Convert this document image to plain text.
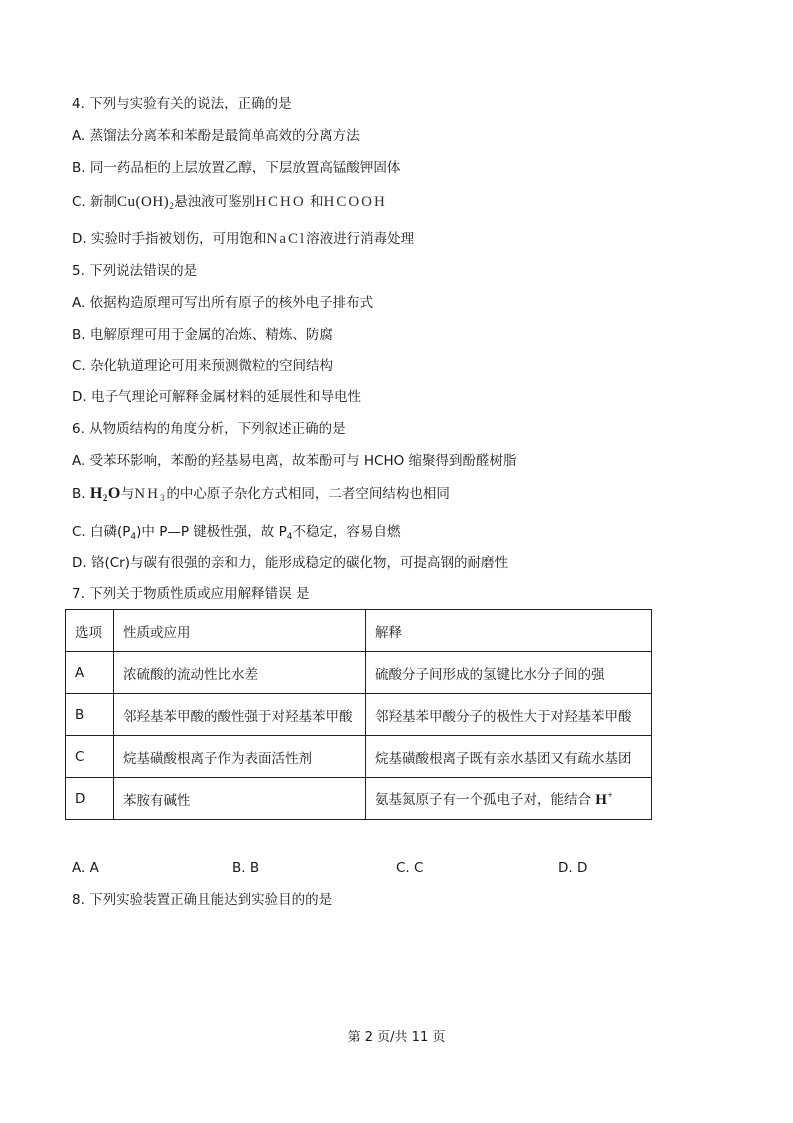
4. 下列与实验有关的说法，正确的是
A. 蒸馏法分离苯和苯酚是最简单高效的分离方法
B. 同一药品柜的上层放置乙醇，下层放置高锰酸钾固体
C. 新制$Cu(OH)_2$悬浊液可鉴别HCHO 和HCOOH
D. 实验时手指被划伤，可用饱和NaCl溶液进行消毒处理
5. 下列说法错误的是
A. 依据构造原理可写出所有原子的核外电子排布式
B. 电解原理可用于金属的冶炼、精炼、防腐
C. 杂化轨道理论可用来预测微粒的空间结构
D. 电子气理论可解释金属材料的延展性和导电性
6. 从物质结构的角度分析，下列叙述正确的是
A. 受苯环影响，苯酚的羟基易电离，故苯酚可与 HCHO 缩聚得到酚醛树脂
B. $H_2O$与$NH_3$的中心原子杂化方式相同，二者空间结构也相同
C. 白磷$(P_4)$中 P—P 键极性强，故 $P_4$不稳定，容易自燃
D. 铬(Cr)与碳有很强的亲和力，能形成稳定的碳化物，可提高钢的耐磨性
7. 下列关于物质性质或应用解释错误 是
选项	性质或应用	解释
A	浓硫酸的流动性比水差	硫酸分子间形成的氢键比水分子间的强
B	邻羟基苯甲酸的酸性强于对羟基苯甲酸	邻羟基苯甲酸分子的极性大于对羟基苯甲酸
C	烷基磺酸根离子作为表面活性剂	烷基磺酸根离子既有亲水基团又有疏水基团
D	苯胺有碱性	氨基氮原子有一个孤电子对，能结合 H+
A. A	B. B	C. C	D. D
8. 下列实验装置正确且能达到实验目的的是
第 2 页/共 11 页
